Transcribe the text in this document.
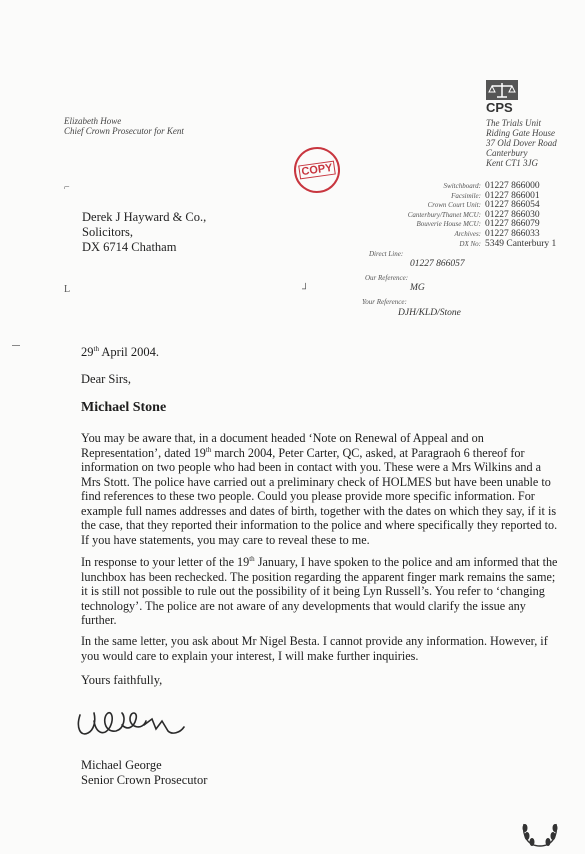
Elizabeth Howe
Chief Crown Prosecutor for Kent
CPS
The Trials Unit
Riding Gate House
37 Old Dover Road
Canterbury
Kent CT1 3JG
COPY
Switchboard: 01227 866000
Facsimile: 01227 866001
Crown Court Unit: 01227 866054
Canterbury/Thanet MCU: 01227 866030
Bouverie House MCU: 01227 866079
Archives: 01227 866033
DX No: 5349 Canterbury 1
⌐
L	┘
Derek J Hayward & Co.,
Solicitors,
DX 6714 Chatham	Direct Line:
01227 866057
Our Reference:
MG
Your Reference:
DJH/KLD/Stone
29th April 2004.
Dear Sirs,
Michael Stone
You may be aware that, in a document headed ‘Note on Renewal of Appeal and on Representation’, dated 19th march 2004, Peter Carter, QC, asked, at Paragraoh 6 thereof for information on two people who had been in contact with you. These were a Mrs Wilkins and a Mrs Stott. The police have carried out a preliminary check of HOLMES but have been unable to find references to these two people. Could you please provide more specific information. For example full names addresses and dates of birth, together with the dates on which they say, if it is the case, that they reported their information to the police and where specifically they reported to. If you have statements, you may care to reveal these to me.
In response to your letter of the 19th January, I have spoken to the police and am informed that the lunchbox has been rechecked. The position regarding the apparent finger mark remains the same; it is still not possible to rule out the possibility of it being Lyn Russell’s. You refer to ‘changing technology’. The police are not aware of any developments that would clarify the issue any further.
In the same letter, you ask about Mr Nigel Besta. I cannot provide any information. However, if you would care to explain your interest, I will make further inquiries.
Yours faithfully,
Michael George
Senior Crown Prosecutor
